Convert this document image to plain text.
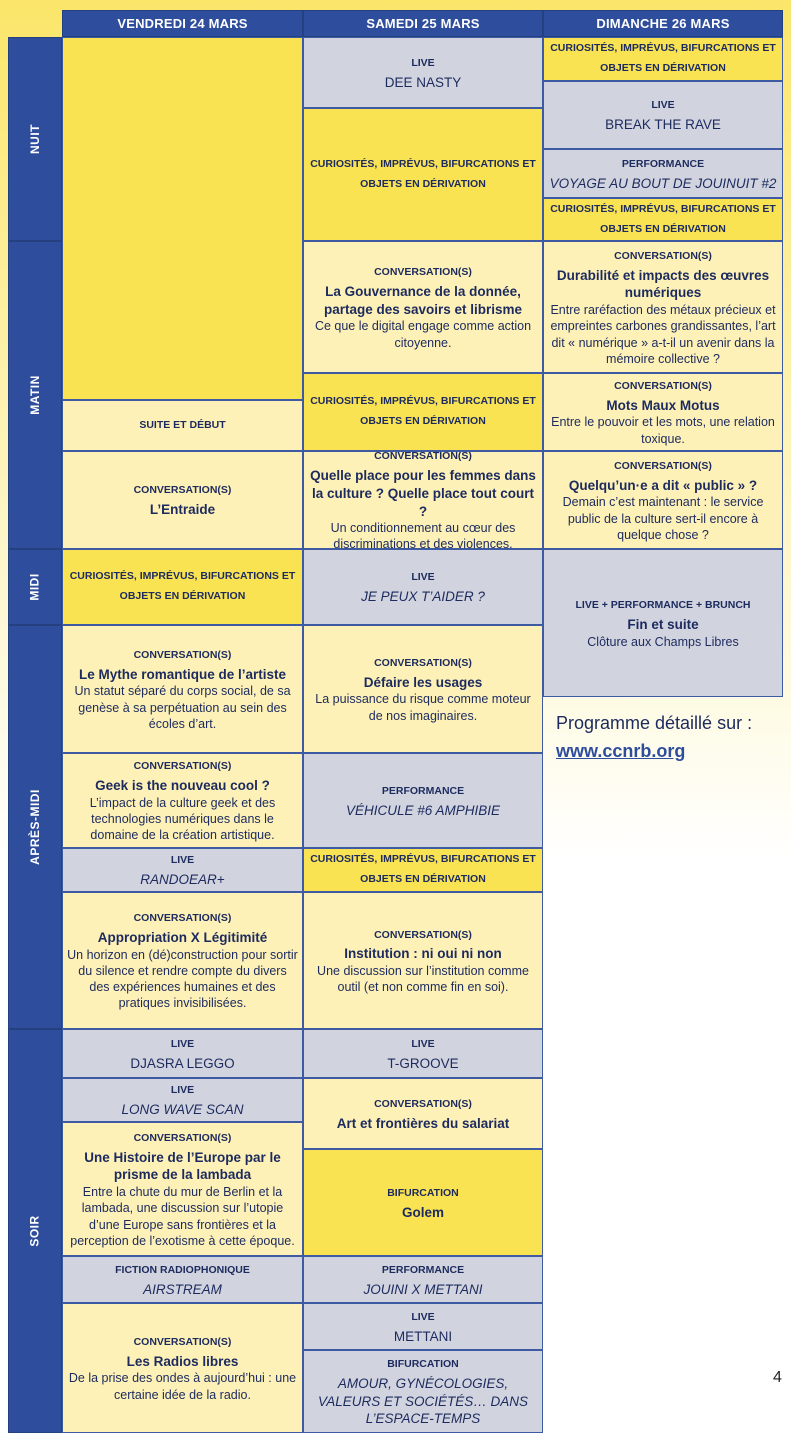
VENDREDI 24 MARS	SAMEDI 25 MARS	DIMANCHE 26 MARS
NUIT
MATIN
MIDI
APRÈS-MIDI
SOIR
SUITE ET DÉBUT
CONVERSATION(S)
L’Entraide
CURIOSITÉS, IMPRÉVUS, BIFURCATIONS ET OBJETS EN DÉRIVATION
CONVERSATION(S)
Le Mythe romantique de l’artiste
Un statut séparé du corps social, de sa genèse à sa perpétuation au sein des écoles d’art.
CONVERSATION(S)
Geek is the nouveau cool ?
L’impact de la culture geek et des technologies numériques dans le domaine de la création artistique.
LIVE
RANDOEAR+
CONVERSATION(S)
Appropriation X Légitimité
Un horizon en (dé)construction pour sortir du silence et rendre compte du divers des expériences humaines et des pratiques invisibilisées.
LIVE
DJASRA LEGGO
LIVE
LONG WAVE SCAN
CONVERSATION(S)
Une Histoire de l’Europe par le prisme de la lambada
Entre la chute du mur de Berlin et la lambada, une discussion sur l’utopie d’une Europe sans frontières et la perception de l’exotisme à cette époque.
FICTION RADIOPHONIQUE
AIRSTREAM
CONVERSATION(S)
Les Radios libres
De la prise des ondes à aujourd’hui : une certaine idée de la radio.
LIVE
DEE NASTY
CURIOSITÉS, IMPRÉVUS, BIFURCATIONS ET OBJETS EN DÉRIVATION
CONVERSATION(S)
La Gouvernance de la donnée, partage des savoirs et librisme
Ce que le digital engage comme action citoyenne.
CURIOSITÉS, IMPRÉVUS, BIFURCATIONS ET OBJETS EN DÉRIVATION
CONVERSATION(S)
Quelle place pour les femmes dans la culture ? Quelle place tout court ?
Un conditionnement au cœur des discriminations et des violences.
LIVE
JE PEUX T’AIDER ?
CONVERSATION(S)
Défaire les usages
La puissance du risque comme moteur de nos imaginaires.
PERFORMANCE
VÉHICULE #6 AMPHIBIE
CURIOSITÉS, IMPRÉVUS, BIFURCATIONS ET OBJETS EN DÉRIVATION
CONVERSATION(S)
Institution : ni oui ni non
Une discussion sur l’institution comme outil (et non comme fin en soi).
LIVE
T-GROOVE
CONVERSATION(S)
Art et frontières du salariat
BIFURCATION
Golem
PERFORMANCE
JOUINI X METTANI
LIVE
METTANI
BIFURCATION
AMOUR, GYNÉCOLOGIES, VALEURS ET SOCIÉTÉS… DANS L’ESPACE-TEMPS
CURIOSITÉS, IMPRÉVUS, BIFURCATIONS ET OBJETS EN DÉRIVATION
LIVE
BREAK THE RAVE
PERFORMANCE
VOYAGE AU BOUT DE JOUINUIT #2
CURIOSITÉS, IMPRÉVUS, BIFURCATIONS ET OBJETS EN DÉRIVATION
CONVERSATION(S)
Durabilité et impacts des œuvres numériques
Entre raréfaction des métaux précieux et empreintes carbones grandissantes, l’art dit « numérique » a-t-il un avenir dans la mémoire collective ?
CONVERSATION(S)
Mots Maux Motus
Entre le pouvoir et les mots, une relation toxique.
CONVERSATION(S)
Quelqu’un·e a dit « public » ?
Demain c’est maintenant : le service public de la culture sert-il encore à quelque chose ?
LIVE + PERFORMANCE + BRUNCH
Fin et suite
Clôture aux Champs Libres
Programme détaillé sur :
www.ccnrb.org
4
